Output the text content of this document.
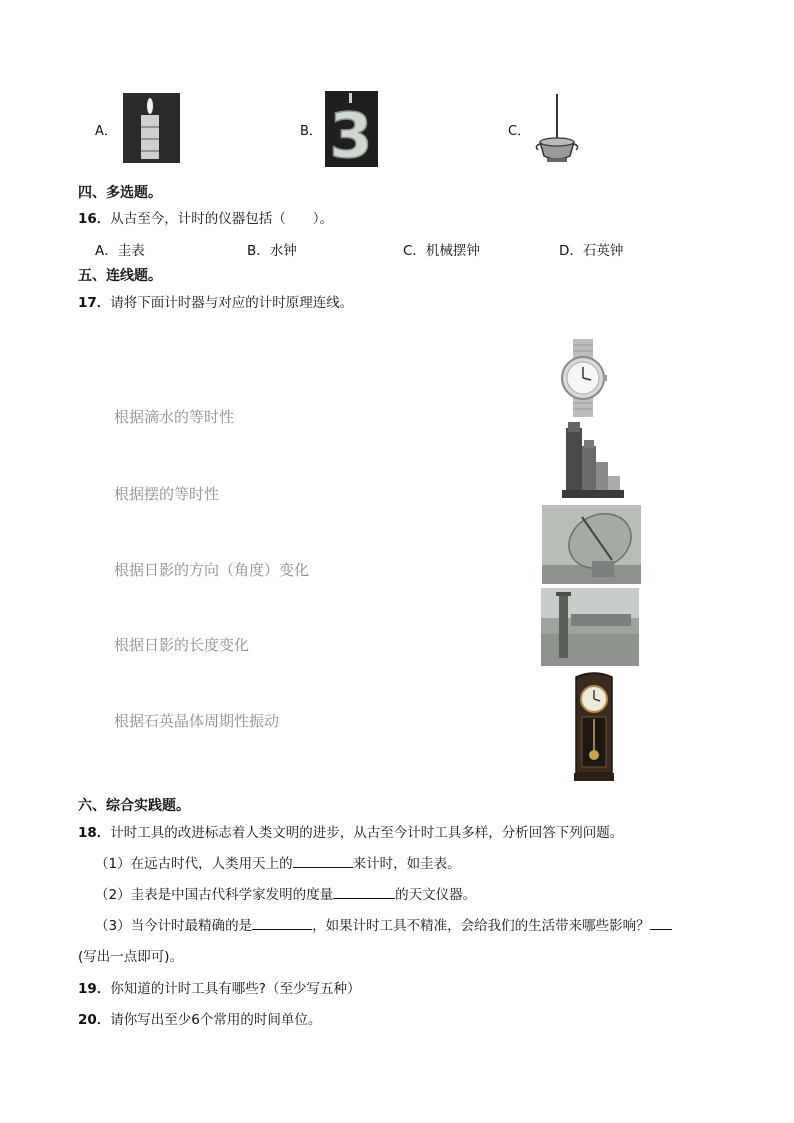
A．	B． 3	C．
四、多选题。
16．从古至今，计时的仪器包括（　　）。
A．圭表	B．水钟	C．机械摆钟	D．石英钟
五、连线题。
17．请将下面计时器与对应的计时原理连线。
根据滴水的等时性
根据摆的等时性
根据日影的方向（角度）变化
根据日影的长度变化
根据石英晶体周期性振动
六、综合实践题。
18．计时工具的改进标志着人类文明的进步，从古至今计时工具多样，分析回答下列问题。
（1）在远古时代，人类用天上的	来计时，如圭表。
（2）圭表是中国古代科学家发明的度量	的天文仪器。
（3）当今计时最精确的是	，如果计时工具不精准，会给我们的生活带来哪些影响？
(写出一点即可)。
19．你知道的计时工具有哪些?（至少写五种）
20．请你写出至少6个常用的时间单位。
